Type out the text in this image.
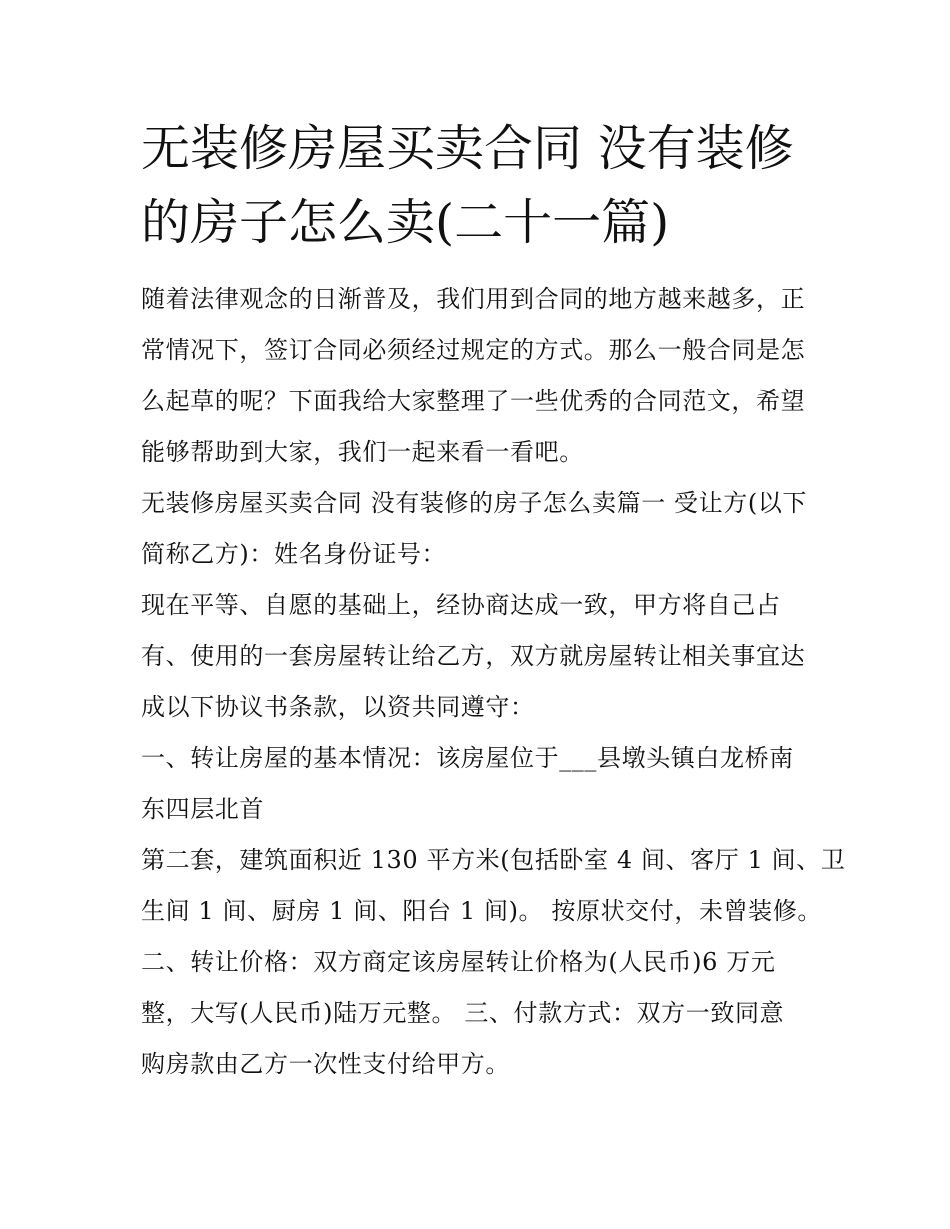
无装修房屋买卖合同 没有装修
的房子怎么卖(二十一篇)

随着法律观念的日渐普及，我们用到合同的地方越来越多，正

常情况下，签订合同必须经过规定的方式。那么一般合同是怎

么起草的呢？下面我给大家整理了一些优秀的合同范文，希望

能够帮助到大家，我们一起来看一看吧。

无装修房屋买卖合同 没有装修的房子怎么卖篇一 受让方(以下

简称乙方)：姓名身份证号：

现在平等、自愿的基础上，经协商达成一致，甲方将自己占

有、使用的一套房屋转让给乙方，双方就房屋转让相关事宜达

成以下协议书条款，以资共同遵守：

一、转让房屋的基本情况：该房屋位于___县墩头镇白龙桥南

东四层北首

第二套，建筑面积近 130 平方米(包括卧室 4 间、客厅 1 间、卫

生间 1 间、厨房 1 间、阳台 1 间)。 按原状交付，未曾装修。

二、转让价格：双方商定该房屋转让价格为(人民币)6 万元

整，大写(人民币)陆万元整。 三、付款方式：双方一致同意

购房款由乙方一次性支付给甲方。
